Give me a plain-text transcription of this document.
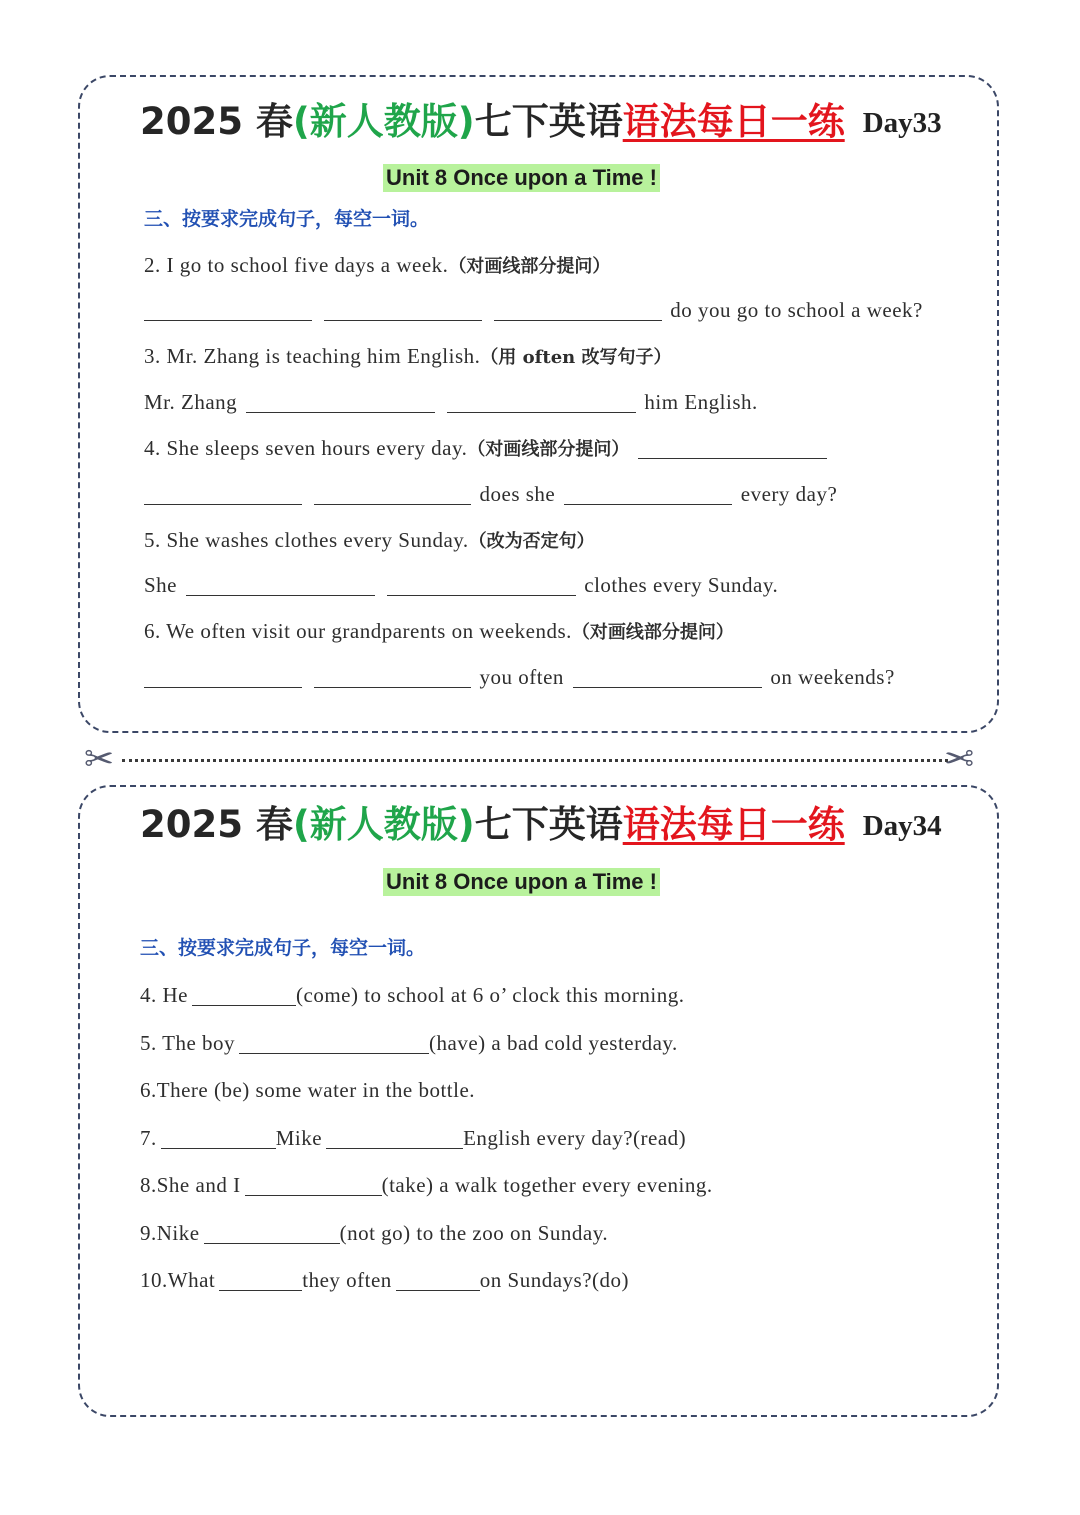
2025 春(新人教版)七下英语语法每日一练 Day33
Unit 8 Once upon a Time !
三、按要求完成句子，每空一词。
2. I go to school five days a week.（对画线部分提问）
do you go to school a week?
3. Mr. Zhang is teaching him English.（用 often 改写句子）
Mr. Zhang	him English.
4. She sleeps seven hours every day.（对画线部分提问）
does she	every day?
5. She washes clothes every Sunday.（改为否定句）
She	clothes every Sunday.
6. We often visit our grandparents on weekends.（对画线部分提问）
you often	on weekends?
✂	✂
2025 春(新人教版)七下英语语法每日一练 Day34
Unit 8 Once upon a Time !
三、按要求完成句子，每空一词。
4. He	(come) to school at 6 o’ clock this morning.
5. The boy	(have) a bad cold yesterday.
6.There (be) some water in the bottle.
7.	Mike	English every day?(read)
8.She and I	(take) a walk together every evening.
9.Nike	(not go) to the zoo on Sunday.
10.What	they often	on Sundays?(do)
